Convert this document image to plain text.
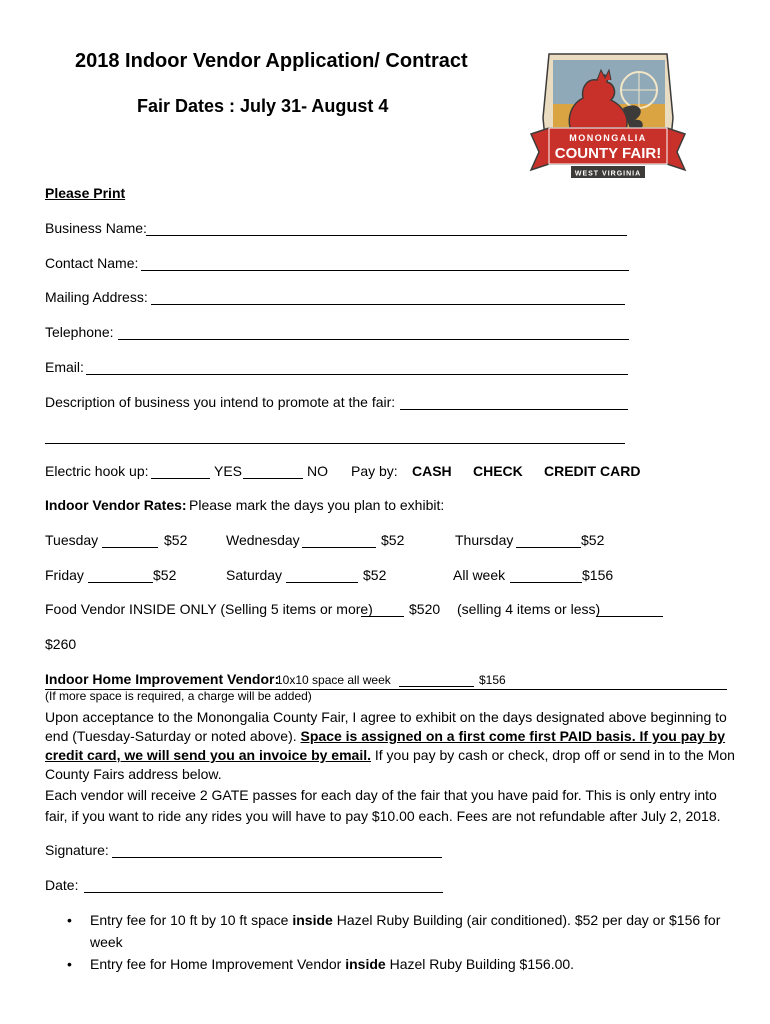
2018 Indoor Vendor Application/ Contract
Fair Dates : July 31- August 4
MONONGALIA
COUNTY FAIR!
WEST VIRGINIA
Please Print
Business Name:
Contact Name:
Mailing Address:
Telephone:
Email:
Description of business you intend to promote at the fair:
Electric hook up:	YES	NO Pay by: CASH CHECK CREDIT CARD
Indoor Vendor Rates: Please mark the days you plan to exhibit:
Tuesday	$52	Wednesday	$52	Thursday	$52
Friday	$52	Saturday	$52	All week	$156
Food Vendor INSIDE ONLY (Selling 5 items or more)	$520 (selling 4 items or less)
$260
Indoor Home Improvement Vendor:
10x10 space all week	$156
(If more space is required, a charge will be added)
Upon acceptance to the Monongalia County Fair, I agree to exhibit on the days designated above beginning to end (Tuesday-Saturday or noted above). Space is assigned on a first come first PAID basis. If you pay by credit card, we will send you an invoice by email. If you pay by cash or check, drop off or send in to the Mon County Fairs address below.
Each vendor will receive 2 GATE passes for each day of the fair that you have paid for. This is only entry into fair, if you want to ride any rides you will have to pay $10.00 each. Fees are not refundable after July 2, 2018.
Signature:
Date:
• Entry fee for 10 ft by 10 ft space inside Hazel Ruby Building (air conditioned). $52 per day or $156 for week
• Entry fee for Home Improvement Vendor inside Hazel Ruby Building $156.00.
